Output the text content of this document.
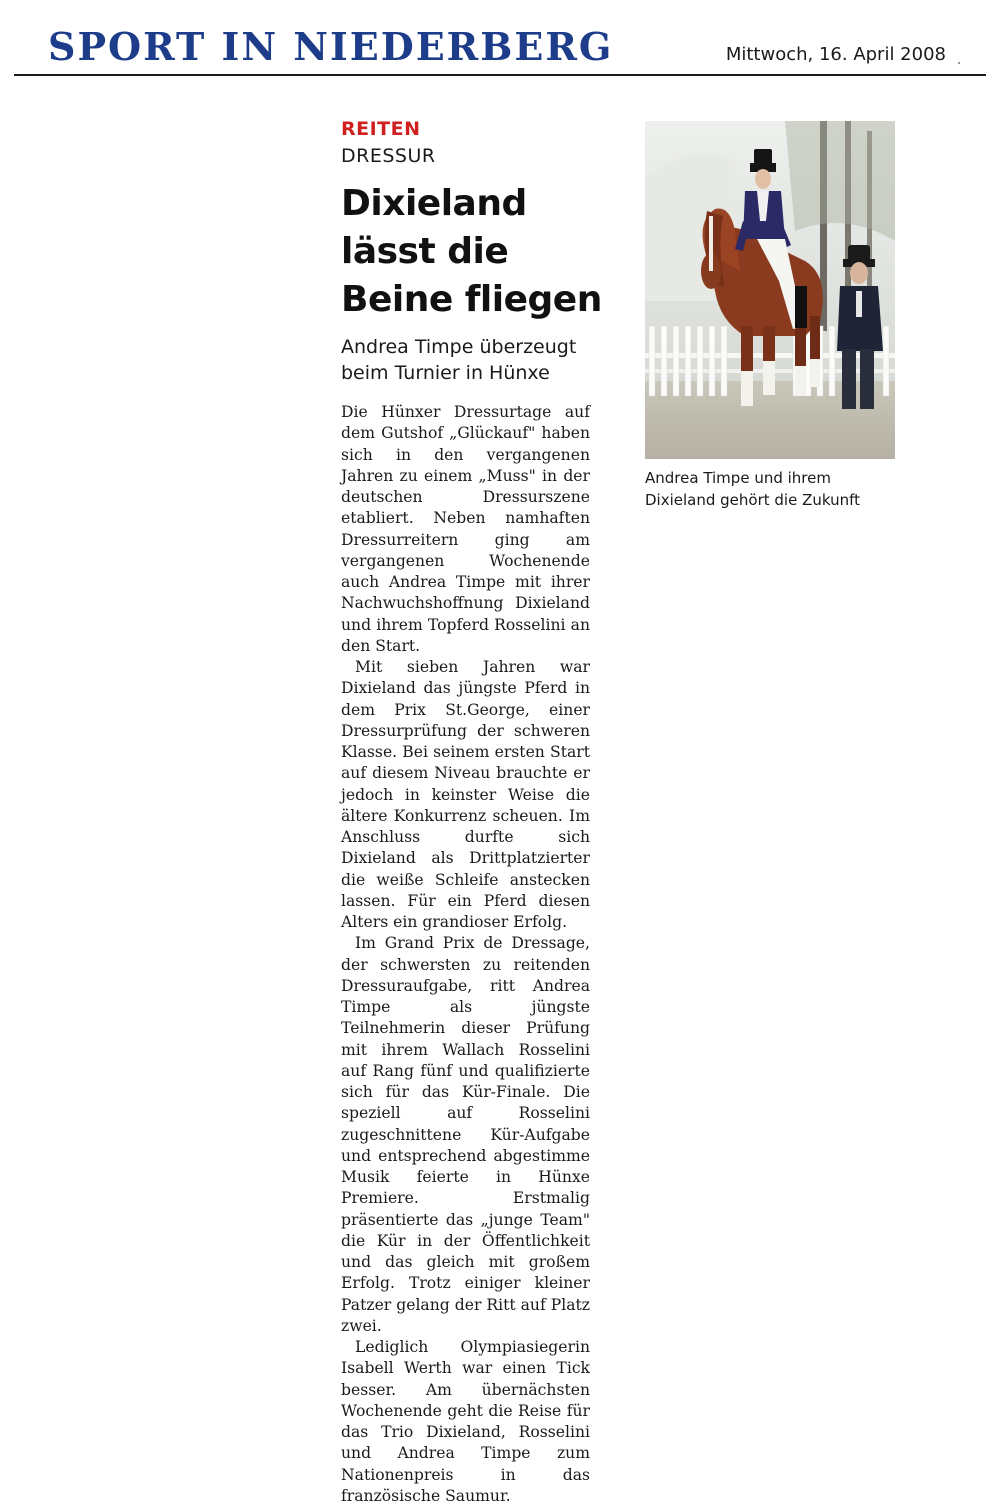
SPORT IN NIEDERBERG	Mittwoch, 16. April 2008
REITEN
DRESSUR
Dixieland
lässt die
Beine fliegen
Andrea Timpe überzeugt beim Turnier in Hünxe

Die Hünxer Dressurtage auf dem Gutshof „Glückauf" haben sich in den vergangenen Jahren zu einem „Muss" in der deutschen Dressurszene etabliert. Neben namhaften Dressurreitern ging am vergangenen Wochenende auch Andrea Timpe mit ihrer Nachwuchshoffnung Dixieland und ihrem Topferd Rosselini an den Start.

Mit sieben Jahren war Dixieland das jüngste Pferd in dem Prix St.George, einer Dressurprüfung der schweren Klasse. Bei seinem ersten Start auf diesem Niveau brauchte er jedoch in keinster Weise die ältere Konkurrenz scheuen. Im Anschluss durfte sich Dixieland als Drittplatzierter die weiße Schleife anstecken lassen. Für ein Pferd diesen Alters ein grandioser Erfolg.

Im Grand Prix de Dressage, der schwersten zu reitenden Dressuraufgabe, ritt Andrea Timpe als jüngste Teilnehmerin dieser Prüfung mit ihrem Wallach Rosselini auf Rang fünf und qualifizierte sich für das Kür-Finale. Die speziell auf Rosselini zugeschnittene Kür-Aufgabe und entsprechend abgestimme Musik feierte in Hünxe Premiere. Erstmalig präsentierte das „junge Team" die Kür in der Öffentlichkeit und das gleich mit großem Erfolg. Trotz einiger kleiner Patzer gelang der Ritt auf Platz zwei.

Lediglich Olympiasiegerin Isabell Werth war einen Tick besser. Am übernächsten Wochenende geht die Reise für das Trio Dixieland, Rosselini und Andrea Timpe zum Nationenpreis in das französische Saumur.

Andrea Timpe und ihrem Dixieland gehört die Zukunft
